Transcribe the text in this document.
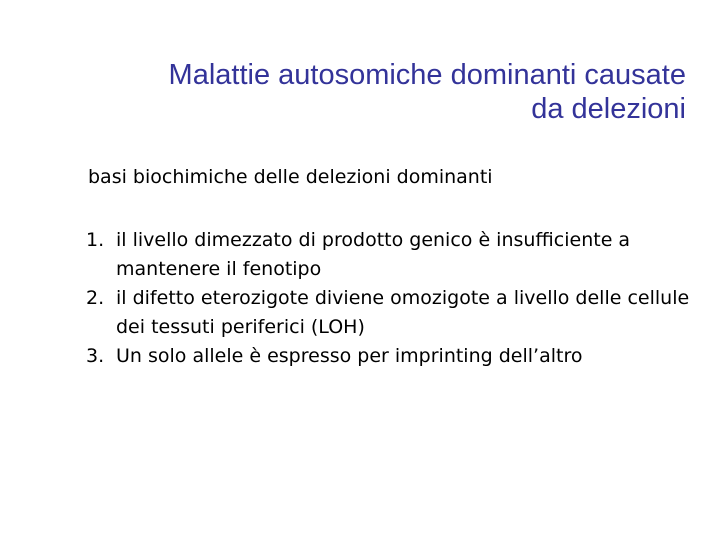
Malattie autosomiche dominanti causate
da delezioni
basi biochimiche delle delezioni dominanti
1. il livello dimezzato di prodotto genico è insufficiente a mantenere il fenotipo
2. il difetto eterozigote diviene omozigote a livello delle cellule dei tessuti periferici (LOH)
3. Un solo allele è espresso per imprinting dell’altro
